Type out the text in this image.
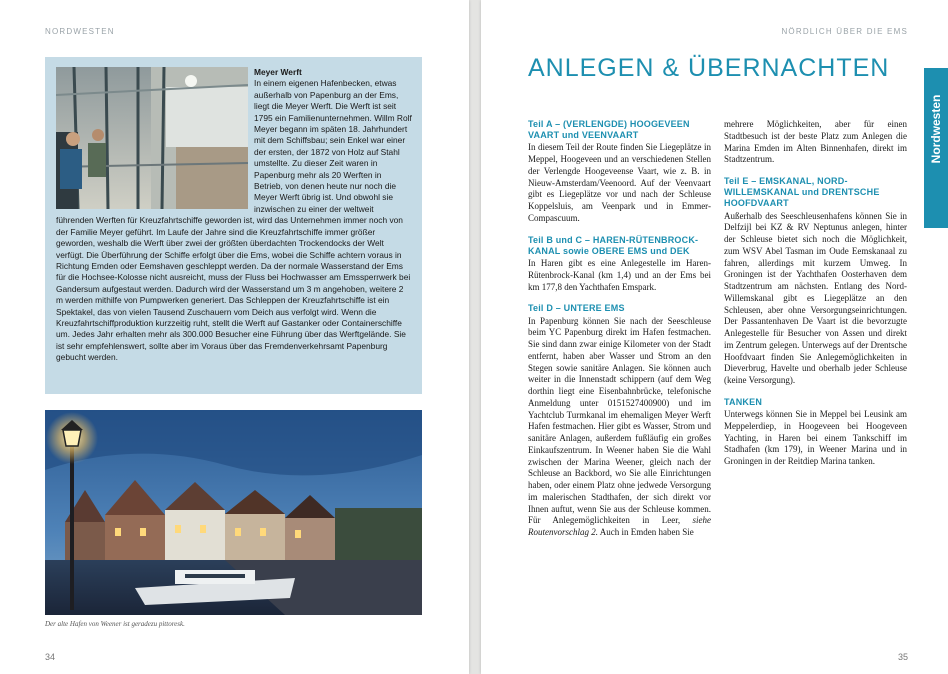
NORDWESTEN
Meyer Werft
In einem eigenen Hafenbecken, etwas außerhalb von Papenburg an der Ems, liegt die Meyer Werft. Die Werft ist seit 1795 ein Familienunternehmen. Willm Rolf Meyer begann im späten 18. Jahrhundert mit dem Schiffsbau; sein Enkel war einer der ersten, der 1872 von Holz auf Stahl umstellte. Zu dieser Zeit waren in Papenburg mehr als 20 Werften in Betrieb, von denen heute nur noch die Meyer Werft übrig ist. Und obwohl sie inzwischen zu einer der weltweit führenden Werften für Kreuzfahrtschiffe geworden ist, wird das Unternehmen immer noch von der Familie Meyer geführt. Im Laufe der Jahre sind die Kreuzfahrtschiffe immer größer geworden, weshalb die Werft über zwei der größten überdachten Trockendocks der Welt verfügt. Die Überführung der Schiffe erfolgt über die Ems, wobei die Schiffe achtern voraus in Richtung Emden oder Eemshaven geschleppt werden. Da der normale Wasserstand der Ems für die Hochsee-Kolosse nicht ausreicht, muss der Fluss bei Hochwasser am Emssperrwerk bei Gandersum aufgestaut werden. Dadurch wird der Wasserstand um 3 m angehoben, weitere 2 m werden mithilfe von Pumpwerken generiert. Das Schleppen der Kreuzfahrtschiffe ist ein Spektakel, das von vielen Tausend Zuschauern vom Deich aus verfolgt wird. Wenn die Kreuzfahrtschiffproduktion kurzzeitig ruht, stellt die Werft auf Gastanker oder Containerschiffe um. Jedes Jahr erhalten mehr als 300.000 Besucher eine Führung über das Werftgelände. Sie ist sehr empfehlenswert, sollte aber im Voraus über das Fremdenverkehrsamt Papenburg gebucht werden.
Der alte Hafen von Weener ist geradezu pittoresk.
34
NÖRDLICH ÜBER DIE EMS
ANLEGEN & ÜBERNACHTEN
Nordwesten
Teil A – (VERLENGDE) HOOGEVEEN VAART und VEENVAART

In diesem Teil der Route finden Sie Liegeplätze in Meppel, Hoogeveen und an verschiedenen Stellen der Verlengde Hoogeveense Vaart, wie z. B. in Nieuw-Amsterdam/Veenoord. Auf der Veenvaart gibt es Liegeplätze vor und nach der Schleuse Koppelsluis, am Veenpark und in Emmer-Compascuum.

Teil B und C – HAREN-RÜTENBROCK-KANAL sowie OBERE EMS und DEK

In Haren gibt es eine Anlegestelle im Haren-Rütenbrock-Kanal (km 1,4) und an der Ems bei km 177,8 den Yachthafen Emspark.

Teil D – UNTERE EMS

In Papenburg können Sie nach der Seeschleuse beim YC Papenburg direkt im Hafen festmachen. Sie sind dann zwar einige Kilometer von der Stadt entfernt, haben aber Wasser und Strom an den Stegen sowie sanitäre Anlagen. Sie können auch weiter in die Innenstadt schippern (auf dem Weg dorthin liegt eine Eisenbahnbrücke, telefonische Anmeldung unter 0151527400900) und im Yachtclub Turmkanal im ehemaligen Meyer Werft Hafen festmachen. Hier gibt es Wasser, Strom und sanitäre Anlagen, außerdem fußläufig ein großes Einkaufszentrum. In Weener haben Sie die Wahl zwischen der Marina Weener, gleich nach der Schleuse an Backbord, wo Sie alle Einrichtungen haben, oder einem Platz ohne jedwede Versorgung im malerischen Stadthafen, der sich direkt vor Ihnen auftut, wenn Sie aus der Schleuse kommen. Für Anlegemöglichkeiten in Leer, siehe Routenvorschlag 2. Auch in Emden haben Sie

mehrere Möglichkeiten, aber für einen Stadtbesuch ist der beste Platz zum Anlegen die Marina Emden im Alten Binnenhafen, direkt im Stadtzentrum.

Teil E – EMSKANAL, NORD-WILLEMSKANAL und DRENTSCHE HOOFDVAART

Außerhalb des Seeschleusenhafens können Sie in Delfzijl bei KZ & RV Neptunus anlegen, hinter der Schleuse bietet sich noch die Möglichkeit, zum WSV Abel Tasman im Oude Eemskanaal zu fahren, allerdings mit kurzem Umweg. In Groningen ist der Yachthafen Oosterhaven dem Stadtzentrum am nächsten. Entlang des Nord-Willemskanal gibt es Liegeplätze an den Schleusen, aber ohne Versorgungseinrichtungen. Der Passantenhaven De Vaart ist die bevorzugte Anlegestelle für Besucher von Assen und direkt im Zentrum gelegen. Unterwegs auf der Drentsche Hoofdvaart finden Sie Anlegemöglichkeiten in Dieverbrug, Havelte und oberhalb jeder Schleuse (keine Versorgung).

TANKEN

Unterwegs können Sie in Meppel bei Leusink am Meppelerdiep, in Hoogeveen bei Hoogeveen Yachting, in Haren bei einem Tankschiff im Stadhafen (km 179), in Weener Marina und in Groningen in der Reitdiep Marina tanken.

35
